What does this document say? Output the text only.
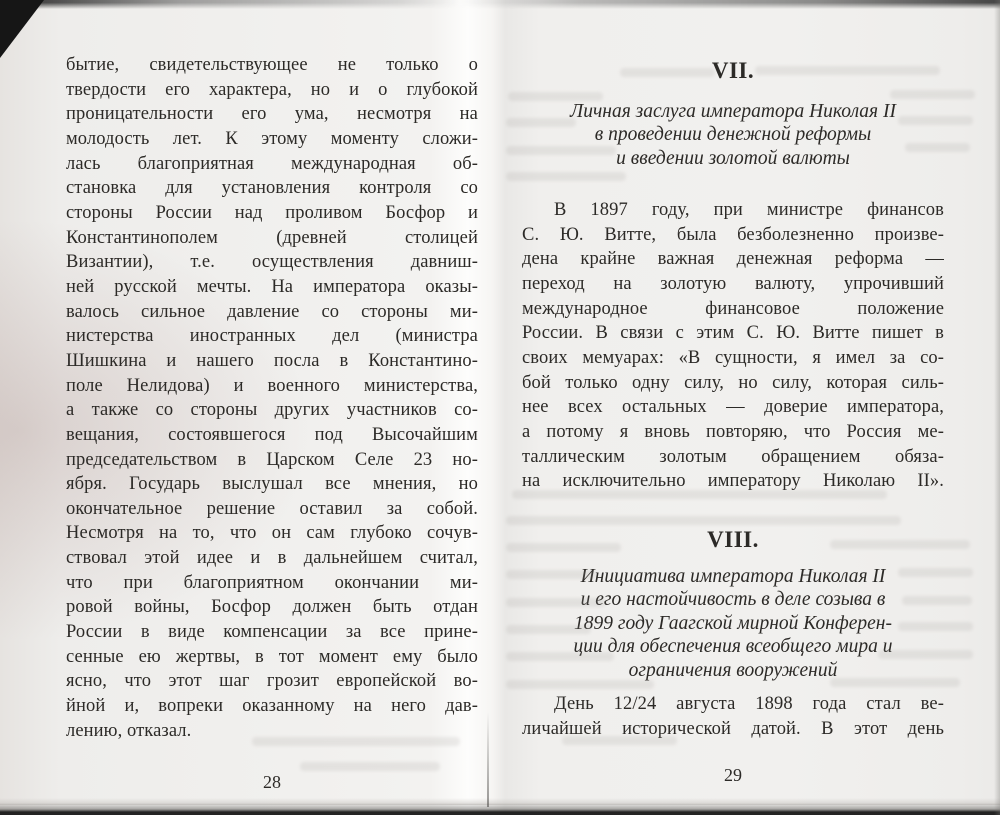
бытие, свидетельствующее не только о
твердости его характера, но и о глубокой
проницательности его ума, несмотря на
молодость лет. К этому моменту сложи-
лась благоприятная международная об-
становка для установления контроля со
стороны России над проливом Босфор и
Константинополем (древней столицей
Византии), т.е. осуществления давниш-
ней русской мечты. На императора оказы-
валось сильное давление со стороны ми-
нистерства иностранных дел (министра
Шишкина и нашего посла в Константино-
поле Нелидова) и военного министерства,
а также со стороны других участников со-
вещания, состоявшегося под Высочайшим
председательством в Царском Селе 23 но-
ября. Государь выслушал все мнения, но
окончательное решение оставил за собой.
Несмотря на то, что он сам глубоко сочув-
ствовал этой идее и в дальнейшем считал,
что при благоприятном окончании ми-
ровой войны, Босфор должен быть отдан
России в виде компенсации за все прине-
сенные ею жертвы, в тот момент ему было
ясно, что этот шаг грозит европейской во-
йной и, вопреки оказанному на него дав-
лению, отказал.
28
VII.
Личная заслуга императора Николая II
в проведении денежной реформы
и введении золотой валюты
В 1897 году, при министре финансов
С. Ю. Витте, была безболезненно произве-
дена крайне важная денежная реформа —
переход на золотую валюту, упрочивший
международное финансовое положение
России. В связи с этим С. Ю. Витте пишет в
своих мемуарах: «В сущности, я имел за со-
бой только одну силу, но силу, которая силь-
нее всех остальных — доверие императора,
а потому я вновь повторяю, что Россия ме-
таллическим золотым обращением обяза-
на исключительно императору Николаю II».
VIII.
Инициатива императора Николая II
и его настойчивость в деле созыва в
1899 году Гаагской мирной Конферен-
ции для обеспечения всеобщего мира и
ограничения вооружений
День 12/24 августа 1898 года стал ве-
личайшей исторической датой. В этот день
29
